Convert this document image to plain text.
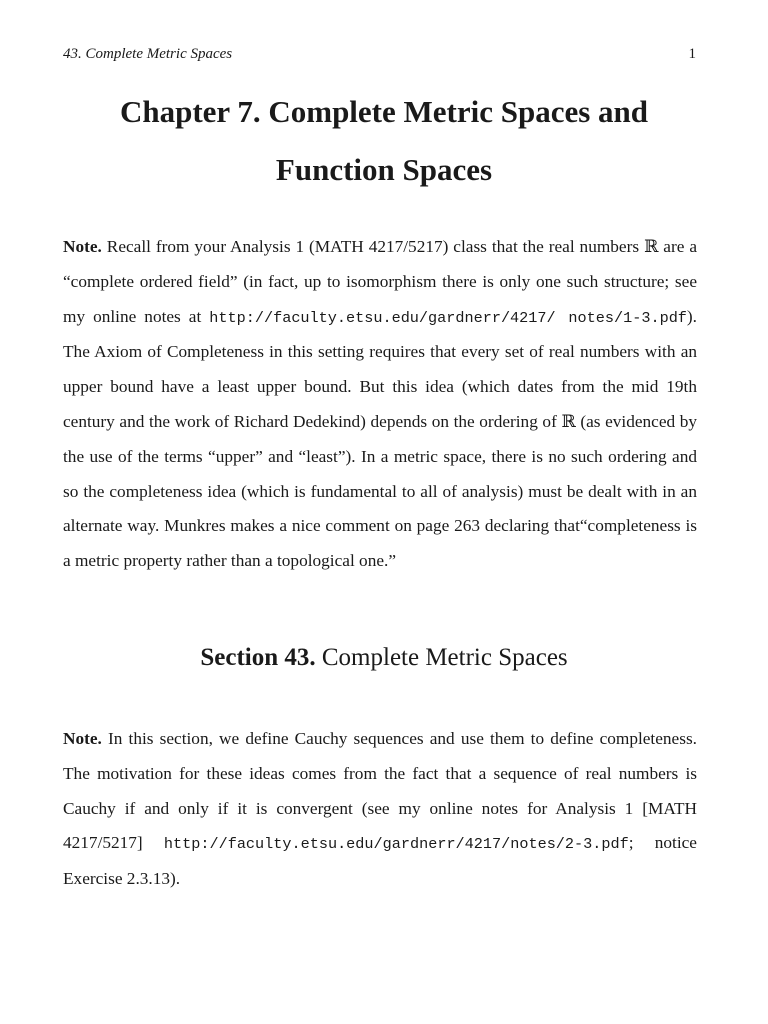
43. Complete Metric Spaces	1
Chapter 7. Complete Metric Spaces and
Function Spaces

Note. Recall from your Analysis 1 (MATH 4217/5217) class that the real numbers ℝ are a “complete ordered field” (in fact, up to isomorphism there is only one such structure; see my online notes at http://faculty.etsu.edu/gardnerr/4217/ notes/1-3.pdf). The Axiom of Completeness in this setting requires that every set of real numbers with an upper bound have a least upper bound. But this idea (which dates from the mid 19th century and the work of Richard Dedekind) depends on the ordering of ℝ (as evidenced by the use of the terms “upper” and “least”). In a metric space, there is no such ordering and so the completeness idea (which is fundamental to all of analysis) must be dealt with in an alternate way. Munkres makes a nice comment on page 263 declaring that“completeness is a metric property rather than a topological one.”

Section 43. Complete Metric Spaces

Note. In this section, we define Cauchy sequences and use them to define completeness. The motivation for these ideas comes from the fact that a sequence of real numbers is Cauchy if and only if it is convergent (see my online notes for Analysis 1 [MATH 4217/5217] http://faculty.etsu.edu/gardnerr/4217/notes/2-3.pdf; notice Exercise 2.3.13).
